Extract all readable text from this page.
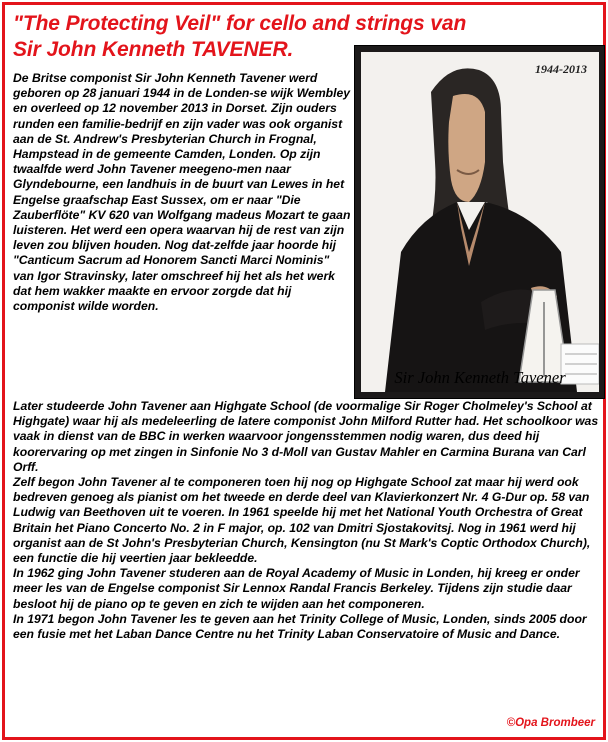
"The Protecting Veil" for cello and strings van
Sir John Kenneth TAVENER.

De Britse componist Sir John Kenneth Tavener werd geboren op 28 januari 1944 in de Londen-se wijk Wembley en overleed op 12 november 2013 in Dorset. Zijn ouders runden een familie-bedrijf en zijn vader was ook organist aan de St. Andrew's Presbyterian Church in Frognal, Hampstead in de gemeente Camden, Londen. Op zijn twaalfde werd John Tavener meegeno-men naar Glyndebourne, een landhuis in de buurt van Lewes in het Engelse graafschap East Sussex, om er naar "Die Zauberflöte" KV 620 van Wolfgang madeus Mozart te gaan luisteren. Het werd een opera waarvan hij de rest van zijn leven zou blijven houden. Nog dat-zelfde jaar hoorde hij "Canticum Sacrum ad Honorem Sancti Marci Nominis" van Igor Stravinsky, later omschreef hij het als het werk dat hem wakker maakte en ervoor zorgde dat hij componist wilde worden.

1944-2013
Sir John Kenneth Tavener

Later studeerde John Tavener aan Highgate School (de voormalige Sir Roger Cholmeley's School at Highgate) waar hij als medeleerling de latere componist John Milford Rutter had. Het schoolkoor was vaak in dienst van de BBC in werken waarvoor jongensstemmen nodig waren, dus deed hij koorervaring op met zingen in Sinfonie No 3 d-Moll van Gustav Mahler en Carmina Burana van Carl Orff.

Zelf begon John Tavener al te componeren toen hij nog op Highgate School zat maar hij werd ook bedreven genoeg als pianist om het tweede en derde deel van Klavierkonzert Nr. 4 G-Dur op. 58 van Ludwig van Beethoven uit te voeren. In 1961 speelde hij met het National Youth Orchestra of Great Britain het Piano Concerto No. 2 in F major, op. 102 van Dmitri Sjostakovitsj. Nog in 1961 werd hij organist aan de St John's Presbyterian Church, Kensington (nu St Mark's Coptic Orthodox Church), een functie die hij veertien jaar bekleedde.

In 1962 ging John Tavener studeren aan de Royal Academy of Music in Londen, hij kreeg er onder meer les van de Engelse componist Sir Lennox Randal Francis Berkeley. Tijdens zijn studie daar besloot hij de piano op te geven en zich te wijden aan het componeren.

In 1971 begon John Tavener les te geven aan het Trinity College of Music, Londen, sinds 2005 door een fusie met het Laban Dance Centre nu het Trinity Laban Conservatoire of Music and Dance.

©Opa Brombeer
